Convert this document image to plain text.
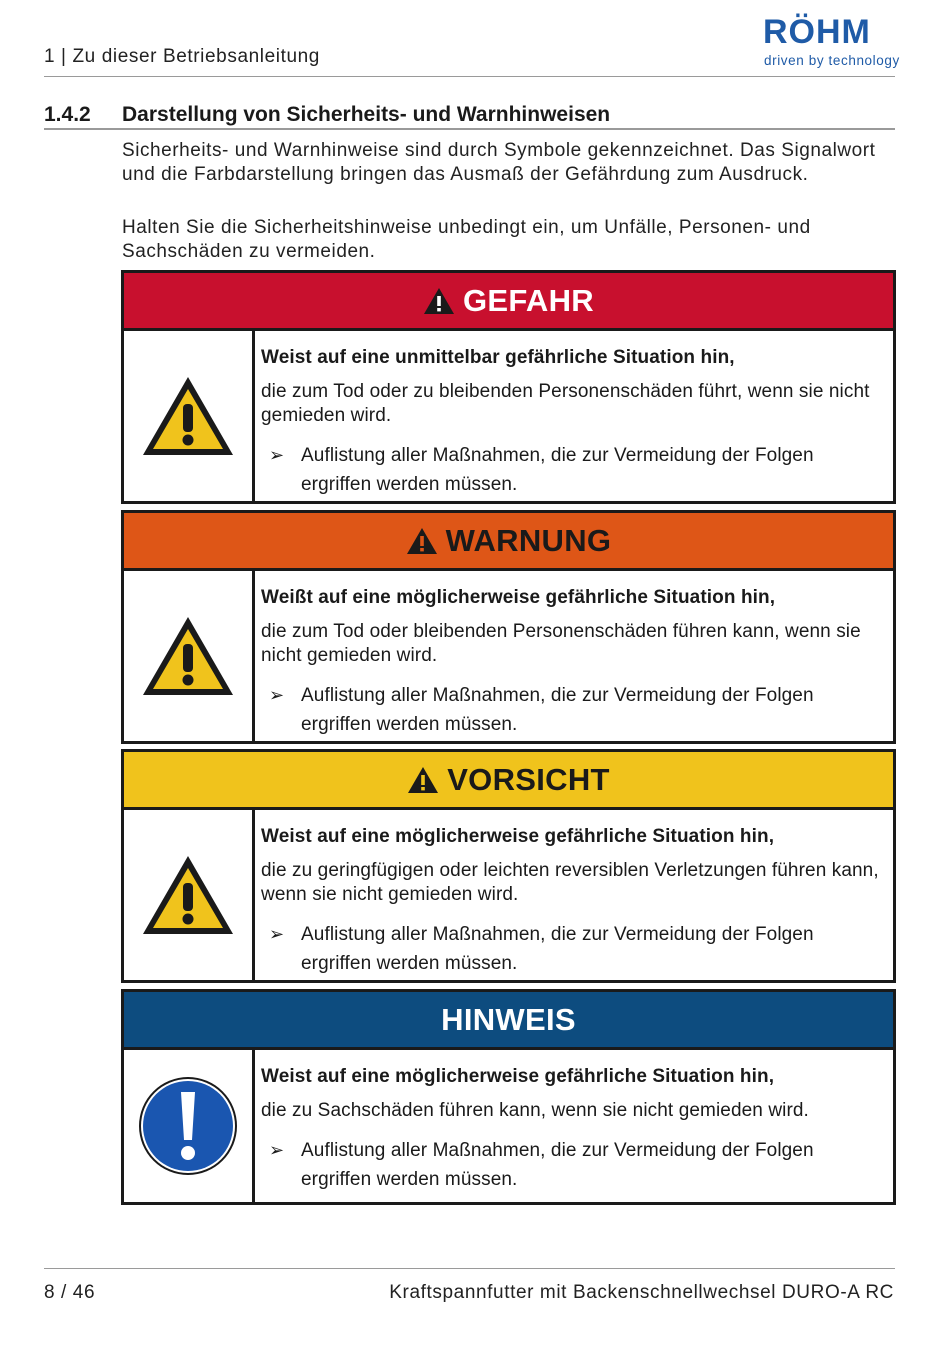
1 | Zu dieser Betriebsanleitung
RÖHM
driven by technology
1.4.2 Darstellung von Sicherheits- und Warnhinweisen
Sicherheits- und Warnhinweise sind durch Symbole gekennzeichnet. Das Signalwort und die Farbdarstellung bringen das Ausmaß der Gefährdung zum Ausdruck.
Halten Sie die Sicherheitshinweise unbedingt ein, um Unfälle, Personen- und Sachschäden zu vermeiden.
GEFAHR
Weist auf eine unmittelbar gefährliche Situation hin,
die zum Tod oder zu bleibenden Personenschäden führt, wenn sie nicht gemieden wird.
➢ Auflistung aller Maßnahmen, die zur Vermeidung der Folgen ergriffen werden müssen.
WARNUNG
Weißt auf eine möglicherweise gefährliche Situation hin,
die zum Tod oder bleibenden Personenschäden führen kann, wenn sie nicht gemieden wird.
➢ Auflistung aller Maßnahmen, die zur Vermeidung der Folgen ergriffen werden müssen.
VORSICHT
Weist auf eine möglicherweise gefährliche Situation hin,
die zu geringfügigen oder leichten reversiblen Verletzungen führen kann, wenn sie nicht gemieden wird.
➢ Auflistung aller Maßnahmen, die zur Vermeidung der Folgen ergriffen werden müssen.
HINWEIS
Weist auf eine möglicherweise gefährliche Situation hin,
die zu Sachschäden führen kann, wenn sie nicht gemieden wird.
➢ Auflistung aller Maßnahmen, die zur Vermeidung der Folgen ergriffen werden müssen.
8 / 46	Kraftspannfutter mit Backenschnellwechsel DURO-A RC
